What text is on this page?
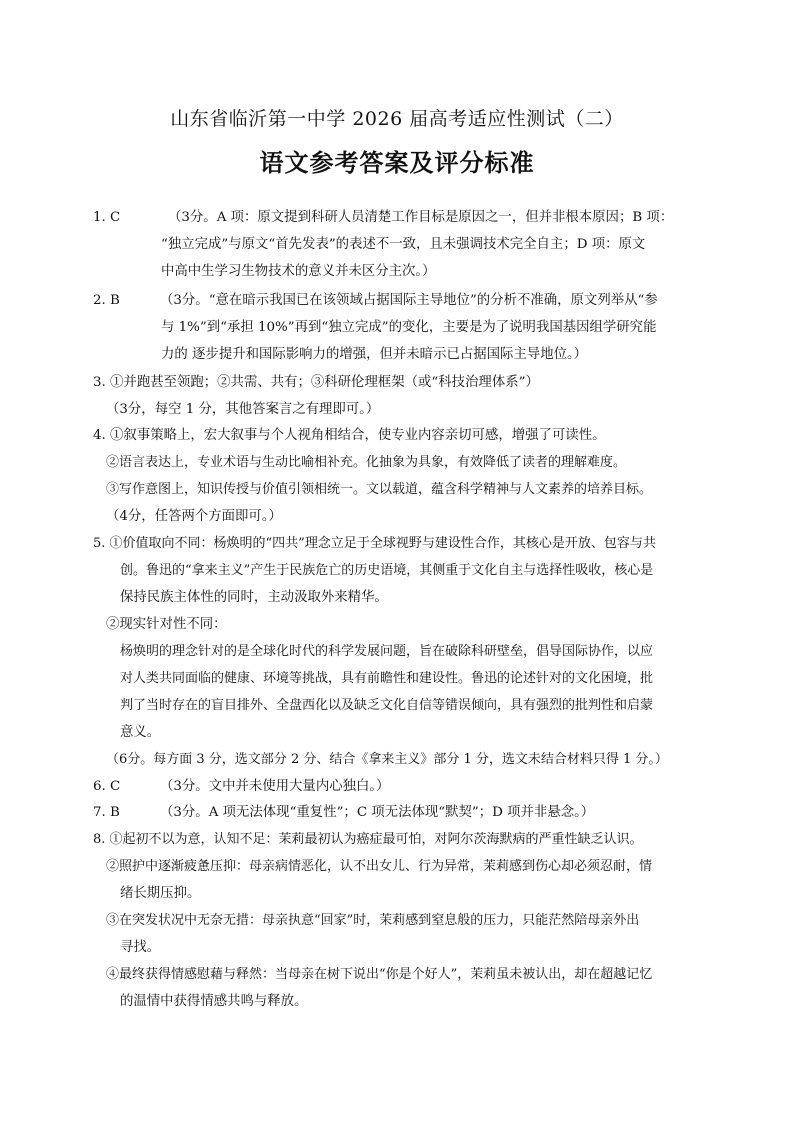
山东省临沂第一中学 2026 届高考适应性测试（二）
语文参考答案及评分标准
1. C	（3分。A 项：原文提到科研人员清楚工作目标是原因之一，但并非根本原因；B 项：
“独立完成”与原文“首先发表”的表述不一致，且未强调技术完全自主；D 项：原文
中高中生学习生物技术的意义并未区分主次。）
2. B	（3分。“意在暗示我国已在该领域占据国际主导地位”的分析不准确，原文列举从“参
与 1%”到“承担 10%”再到“独立完成”的变化，主要是为了说明我国基因组学研究能
力的 逐步提升和国际影响力的增强，但并未暗示已占据国际主导地位。）
3. ①并跑甚至领跑；②共需、共有；③科研伦理框架（或“科技治理体系”）
（3分，每空 1 分，其他答案言之有理即可。）
4. ①叙事策略上，宏大叙事与个人视角相结合，使专业内容亲切可感，增强了可读性。
②语言表达上，专业术语与生动比喻相补充。化抽象为具象，有效降低了读者的理解难度。
③写作意图上，知识传授与价值引领相统一。文以载道，蕴含科学精神与人文素养的培养目标。
（4分，任答两个方面即可。）
5. ①价值取向不同：杨焕明的“四共”理念立足于全球视野与建设性合作，其核心是开放、包容与共
创。鲁迅的“拿来主义”产生于民族危亡的历史语境，其侧重于文化自主与选择性吸收，核心是
保持民族主体性的同时，主动汲取外来精华。
②现实针对性不同：
杨焕明的理念针对的是全球化时代的科学发展问题，旨在破除科研壁垒，倡导国际协作，以应
对人类共同面临的健康、环境等挑战，具有前瞻性和建设性。鲁迅的论述针对的文化困境，批
判了当时存在的盲目排外、全盘西化以及缺乏文化自信等错误倾向，具有强烈的批判性和启蒙
意义。
（6分。每方面 3 分，选文部分 2 分、结合《拿来主义》部分 1 分，选文未结合材料只得 1 分。）
6. C	（3分。文中并未使用大量内心独白。）
7. B	（3分。A 项无法体现“重复性”；C 项无法体现“默契”；D 项并非悬念。）
8. ①起初不以为意，认知不足：茉莉最初认为癌症最可怕，对阿尔茨海默病的严重性缺乏认识。
②照护中逐渐疲惫压抑：母亲病情恶化，认不出女儿、行为异常，茉莉感到伤心却必须忍耐，情
绪长期压抑。
③在突发状况中无奈无措：母亲执意“回家”时，茉莉感到窒息般的压力，只能茫然陪母亲外出
寻找。
④最终获得情感慰藉与释然：当母亲在树下说出“你是个好人”，茉莉虽未被认出，却在超越记忆
的温情中获得情感共鸣与释放。
